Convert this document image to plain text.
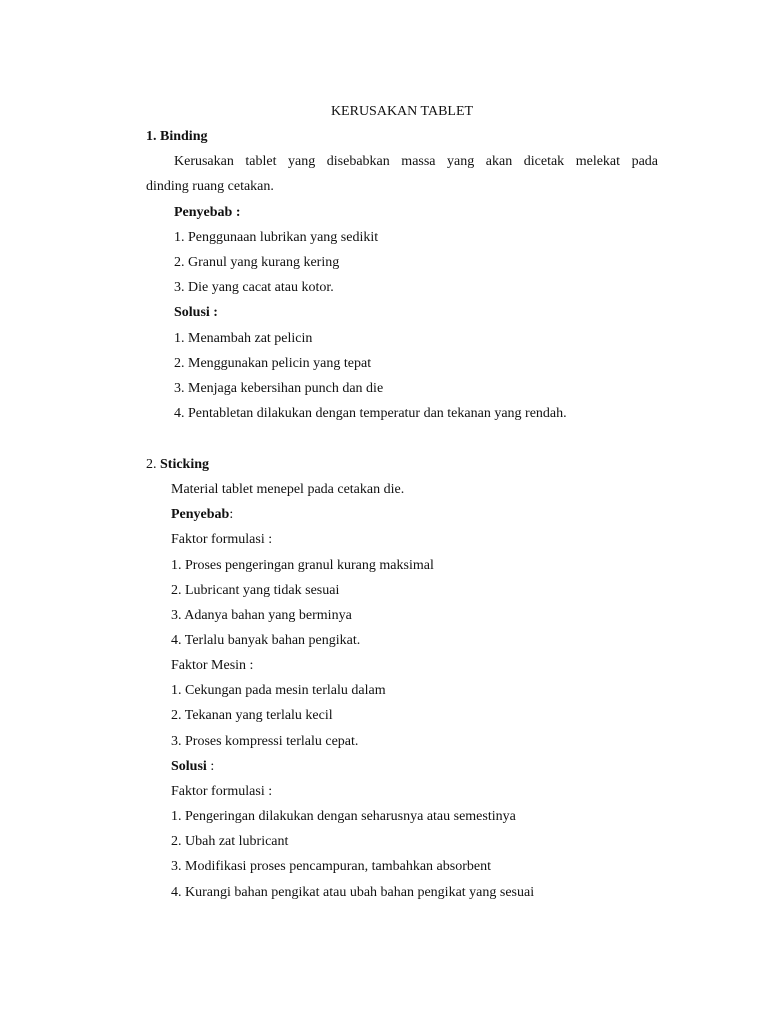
KERUSAKAN TABLET
1. Binding
Kerusakan tablet yang disebabkan massa yang akan dicetak melekat pada
dinding ruang cetakan.
Penyebab :
1. Penggunaan lubrikan yang sedikit
2. Granul yang kurang kering
3. Die yang cacat atau kotor.
Solusi :
1. Menambah zat pelicin
2. Menggunakan pelicin yang tepat
3. Menjaga kebersihan punch dan die
4. Pentabletan dilakukan dengan temperatur dan tekanan yang rendah.
2. Sticking
Material tablet menepel pada cetakan die.
Penyebab:
Faktor formulasi :
1. Proses pengeringan granul kurang maksimal
2. Lubricant yang tidak sesuai
3. Adanya bahan yang berminya
4. Terlalu banyak bahan pengikat.
Faktor Mesin :
1. Cekungan pada mesin terlalu dalam
2. Tekanan yang terlalu kecil
3. Proses kompressi terlalu cepat.
Solusi :
Faktor formulasi :
1. Pengeringan dilakukan dengan seharusnya atau semestinya
2. Ubah zat lubricant
3. Modifikasi proses pencampuran, tambahkan absorbent
4. Kurangi bahan pengikat atau ubah bahan pengikat yang sesuai
